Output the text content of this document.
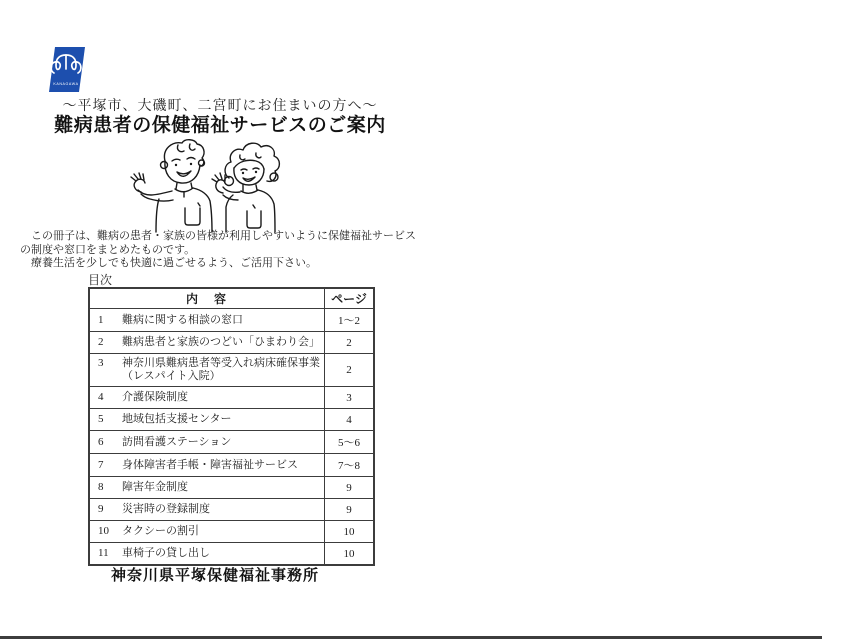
KANAGAWA
～平塚市、大磯町、二宮町にお住まいの方へ～
難病患者の保健福祉サービスのご案内
　この冊子は、難病の患者・家族の皆様が利用しやすいように保健福祉サービス
の制度や窓口をまとめたものです。
　療養生活を少しでも快適に過ごせるよう、ご活用下さい。
目次
内　容	ページ

1 難病に関する相談の窓口	1～2

2 難病患者と家族のつどい「ひまわり会」	2

3 神奈川県難病患者等受入れ病床確保事業
（レスパイト入院）	2

4 介護保険制度	3

5 地域包括支援センター	4

6 訪問看護ステーション	5～6

7 身体障害者手帳・障害福祉サービス	7～8

8 障害年金制度	9

9 災害時の登録制度	9

10 タクシーの割引	10

11 車椅子の貸し出し	10
神奈川県平塚保健福祉事務所
